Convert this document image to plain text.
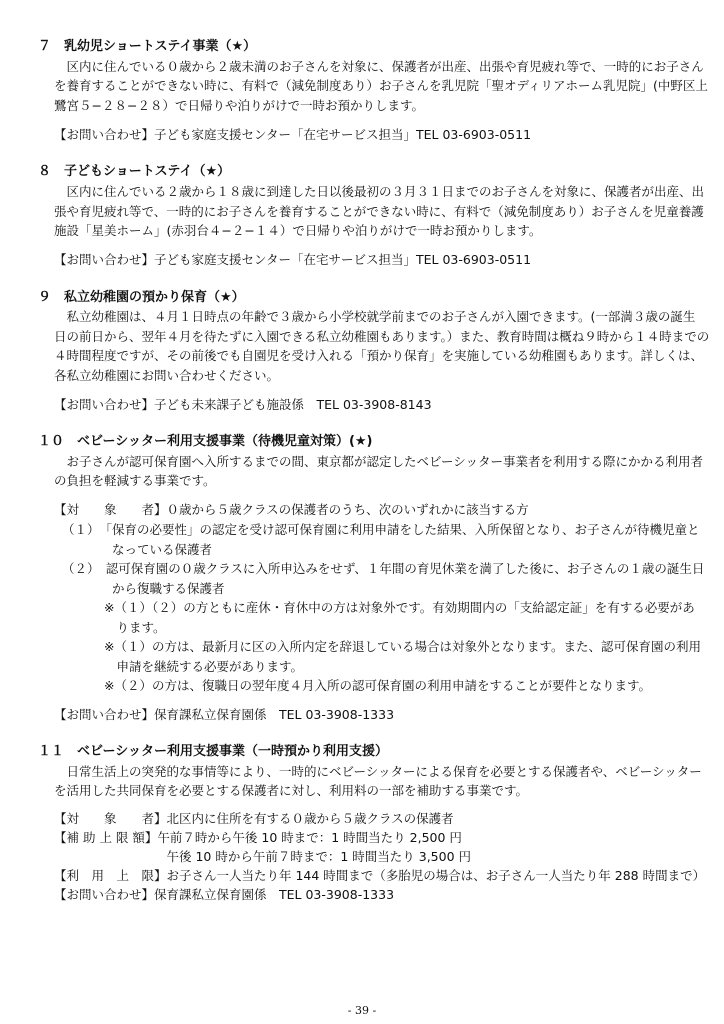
７　乳幼児ショートステイ事業（★）

　区内に住んでいる０歳から２歳未満のお子さんを対象に、保護者が出産、出張や育児疲れ等で、一時的にお子さん

を養育することができない時に、有料で（減免制度あり）お子さんを乳児院「聖オディリアホーム乳児院」(中野区上

鷺宮５−２８−２８）で日帰りや泊りがけで一時お預かりします。

【お問い合わせ】子ども家庭支援センター「在宅サービス担当」TEL 03-6903-0511

８　子どもショートステイ（★）

　区内に住んでいる２歳から１８歳に到達した日以後最初の３月３１日までのお子さんを対象に、保護者が出産、出

張や育児疲れ等で、一時的にお子さんを養育することができない時に、有料で（減免制度あり）お子さんを児童養護

施設「星美ホーム」(赤羽台４−２−１４）で日帰りや泊りがけで一時お預かりします。

【お問い合わせ】子ども家庭支援センター「在宅サービス担当」TEL 03-6903-0511

９　私立幼稚園の預かり保育（★）

　私立幼稚園は、４月１日時点の年齢で３歳から小学校就学前までのお子さんが入園できます。(一部満３歳の誕生

日の前日から、翌年４月を待たずに入園できる私立幼稚園もあります。）また、教育時間は概ね９時から１４時までの

４時間程度ですが、その前後でも自園児を受け入れる「預かり保育」を実施している幼稚園もあります。詳しくは、

各私立幼稚園にお問い合わせください。

【お問い合わせ】子ども未来課子ども施設係　TEL 03-3908-8143

１０　ベビーシッター利用支援事業（待機児童対策）(★)

　お子さんが認可保育園へ入所するまでの間、東京都が認定したベビーシッター事業者を利用する際にかかる利用者

の負担を軽減する事業です。

【対　　象　　者】０歳から５歳クラスの保護者のうち、次のいずれかに該当する方

（１）　「保育の必要性」の認定を受け認可保育園に利用申請をした結果、入所保留となり、お子さんが待機児童と

　　　　なっている保護者

（２）　認可保育園の０歳クラスに入所申込みをせず、１年間の育児休業を満了した後に、お子さんの１歳の誕生日

　　　　から復職する保護者

※（１）（２）の方ともに産休・育休中の方は対象外です。有効期間内の「支給認定証」を有する必要があ

　ります。

※（１）の方は、最新月に区の入所内定を辞退している場合は対象外となります。また、認可保育園の利用

　申請を継続する必要があります。

※（２）の方は、復職日の翌年度４月入所の認可保育園の利用申請をすることが要件となります。

【お問い合わせ】保育課私立保育園係　TEL 03-3908-1333

１１　ベビーシッター利用支援事業（一時預かり利用支援）

　日常生活上の突発的な事情等により、一時的にベビーシッターによる保育を必要とする保護者や、ベビーシッター

を活用した共同保育を必要とする保護者に対し、利用料の一部を補助する事業です。

【対　　象　　者】北区内に住所を有する０歳から５歳クラスの保護者

【補 助 上 限 額】午前７時から午後 10 時まで：1 時間当たり 2,500 円

　　　　　　　　　午後 10 時から午前７時まで：1 時間当たり 3,500 円

【利　用　上　限】お子さん一人当たり年 144 時間まで（多胎児の場合は、お子さん一人当たり年 288 時間まで）

【お問い合わせ】保育課私立保育園係　TEL 03-3908-1333

- 39 -
